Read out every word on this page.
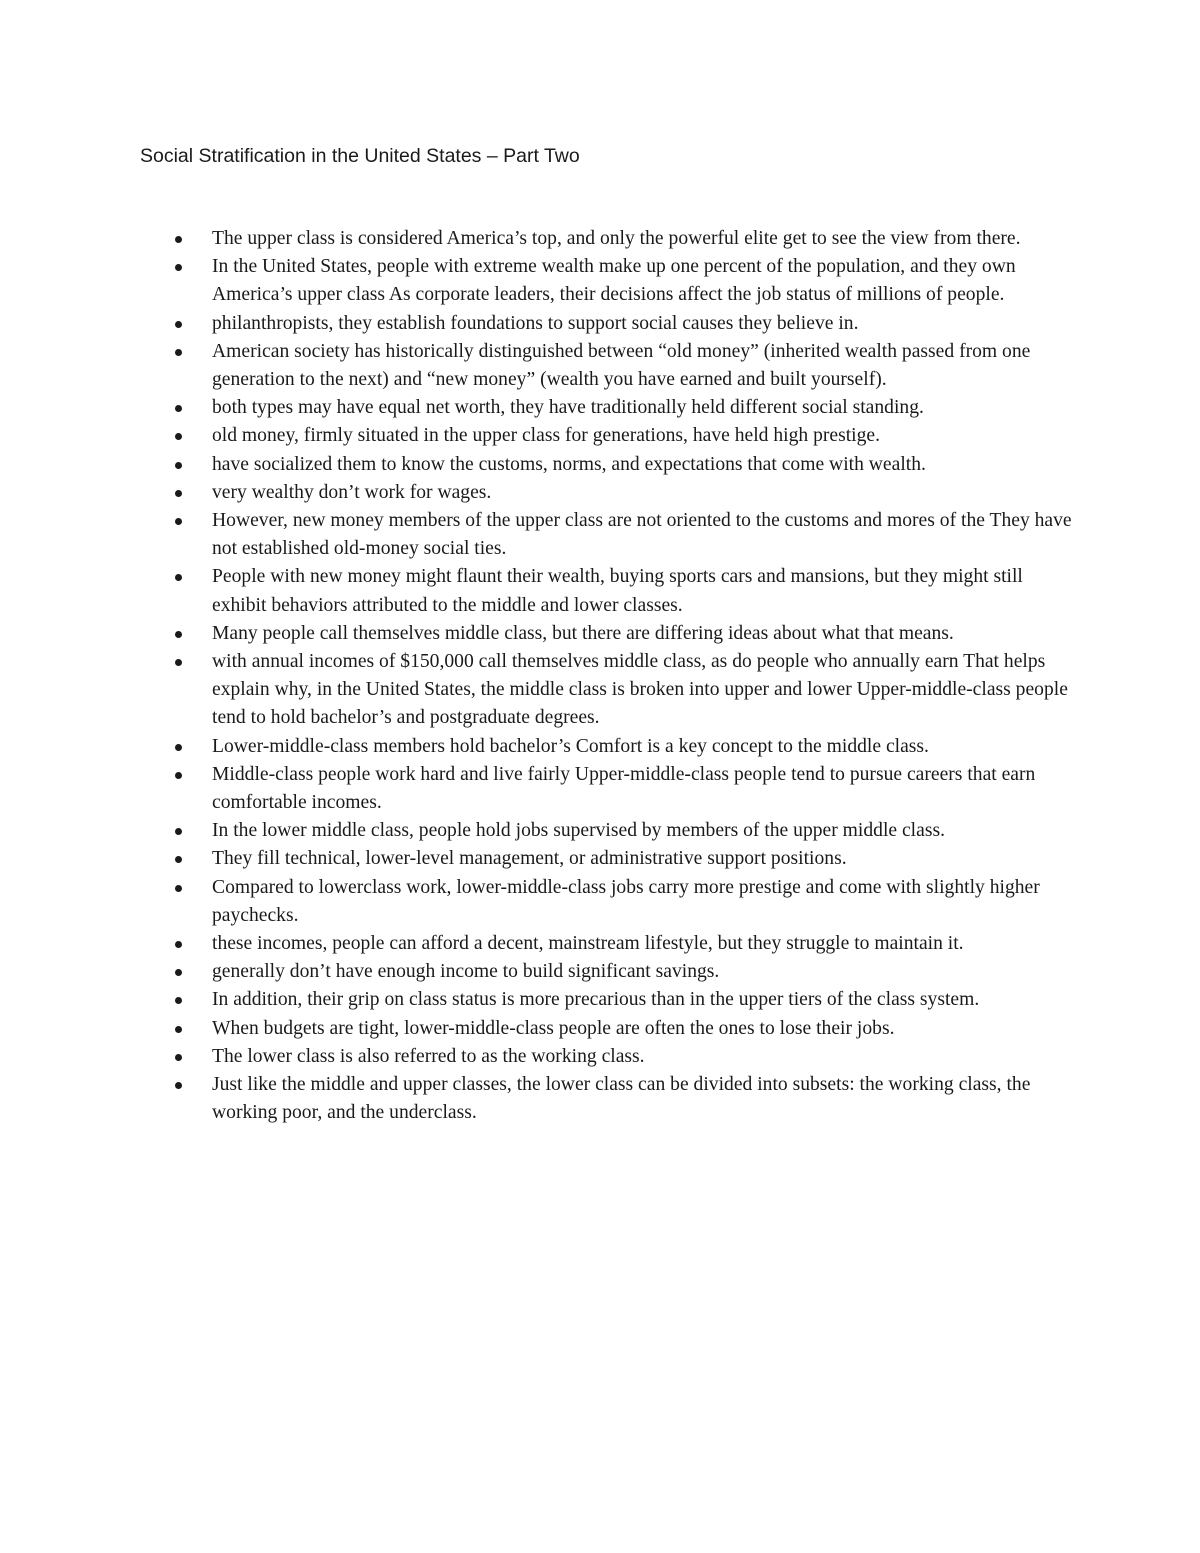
Social Stratification in the United States – Part Two
The upper class is considered America’s top, and only the powerful elite get to see the view from there.
In the United States, people with extreme wealth make up one percent of the population, and they own America’s upper class As corporate leaders, their decisions affect the job status of millions of people.
philanthropists, they establish foundations to support social causes they believe in.
American society has historically distinguished between “old money” (inherited wealth passed from one generation to the next) and “new money” (wealth you have earned and built yourself).
both types may have equal net worth, they have traditionally held different social standing.
old money, firmly situated in the upper class for generations, have held high prestige.
have socialized them to know the customs, norms, and expectations that come with wealth.
very wealthy don’t work for wages.
However, new money members of the upper class are not oriented to the customs and mores of the They have not established old-money social ties.
People with new money might flaunt their wealth, buying sports cars and mansions, but they might still exhibit behaviors attributed to the middle and lower classes.
Many people call themselves middle class, but there are differing ideas about what that means.
with annual incomes of $150,000 call themselves middle class, as do people who annually earn That helps explain why, in the United States, the middle class is broken into upper and lower Upper-middle-class people tend to hold bachelor’s and postgraduate degrees.
Lower-middle-class members hold bachelor’s Comfort is a key concept to the middle class.
Middle-class people work hard and live fairly Upper-middle-class people tend to pursue careers that earn comfortable incomes.
In the lower middle class, people hold jobs supervised by members of the upper middle class.
They fill technical, lower-level management, or administrative support positions.
Compared to lowerclass work, lower-middle-class jobs carry more prestige and come with slightly higher paychecks.
these incomes, people can afford a decent, mainstream lifestyle, but they struggle to maintain it.
generally don’t have enough income to build significant savings.
In addition, their grip on class status is more precarious than in the upper tiers of the class system.
When budgets are tight, lower-middle-class people are often the ones to lose their jobs.
The lower class is also referred to as the working class.
Just like the middle and upper classes, the lower class can be divided into subsets: the working class, the working poor, and the underclass.
